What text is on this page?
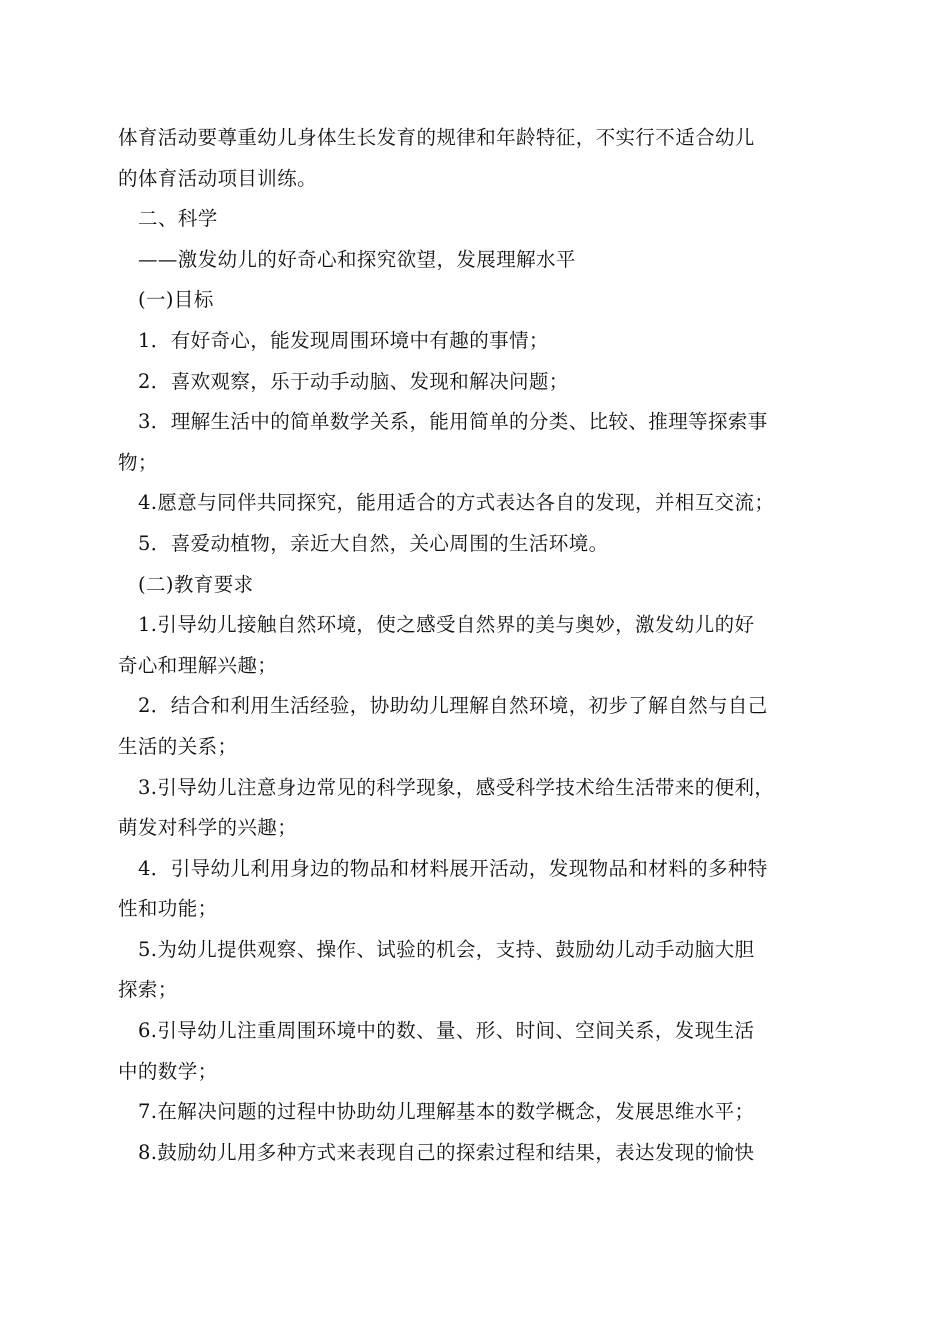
体育活动要尊重幼儿身体生长发育的规律和年龄特征，不实行不适合幼儿
的体育活动项目训练。
二、科学
——激发幼儿的好奇心和探究欲望，发展理解水平
(一)目标
1．有好奇心，能发现周围环境中有趣的事情；
2．喜欢观察，乐于动手动脑、发现和解决问题；
3．理解生活中的简单数学关系，能用简单的分类、比较、推理等探索事
物；
4.愿意与同伴共同探究，能用适合的方式表达各自的发现，并相互交流；
5．喜爱动植物，亲近大自然，关心周围的生活环境。
(二)教育要求
1.引导幼儿接触自然环境，使之感受自然界的美与奥妙，激发幼儿的好
奇心和理解兴趣；
2．结合和利用生活经验，协助幼儿理解自然环境，初步了解自然与自己
生活的关系；
3.引导幼儿注意身边常见的科学现象，感受科学技术给生活带来的便利，
萌发对科学的兴趣；
4．引导幼儿利用身边的物品和材料展开活动，发现物品和材料的多种特
性和功能；
5.为幼儿提供观察、操作、试验的机会，支持、鼓励幼儿动手动脑大胆
探索；
6.引导幼儿注重周围环境中的数、量、形、时间、空间关系，发现生活
中的数学；
7.在解决问题的过程中协助幼儿理解基本的数学概念，发展思维水平；
8.鼓励幼儿用多种方式来表现自己的探索过程和结果，表达发现的愉快
